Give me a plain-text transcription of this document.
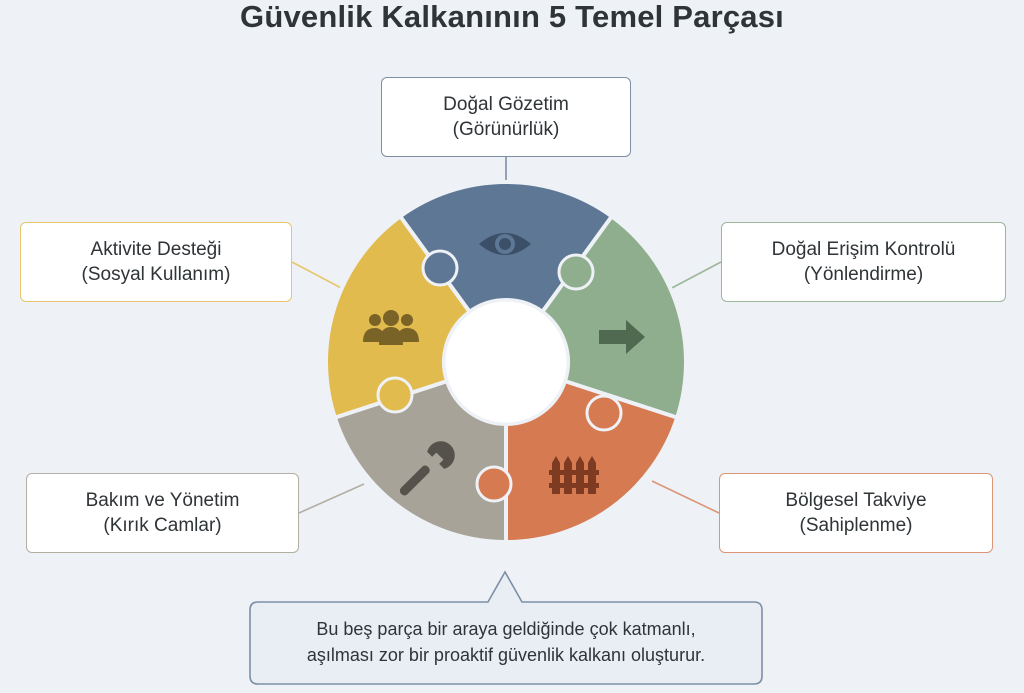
Güvenlik Kalkanının 5 Temel Parçası
Doğal Gözetim
(Görünürlük)
Doğal Erişim Kontrolü
(Yönlendirme)
Bölgesel Takviye
(Sahiplenme)
Bakım ve Yönetim
(Kırık Camlar)
Aktivite Desteği
(Sosyal Kullanım)
Bu beş parça bir araya geldiğinde çok katmanlı,
aşılması zor bir proaktif güvenlik kalkanı oluşturur.
